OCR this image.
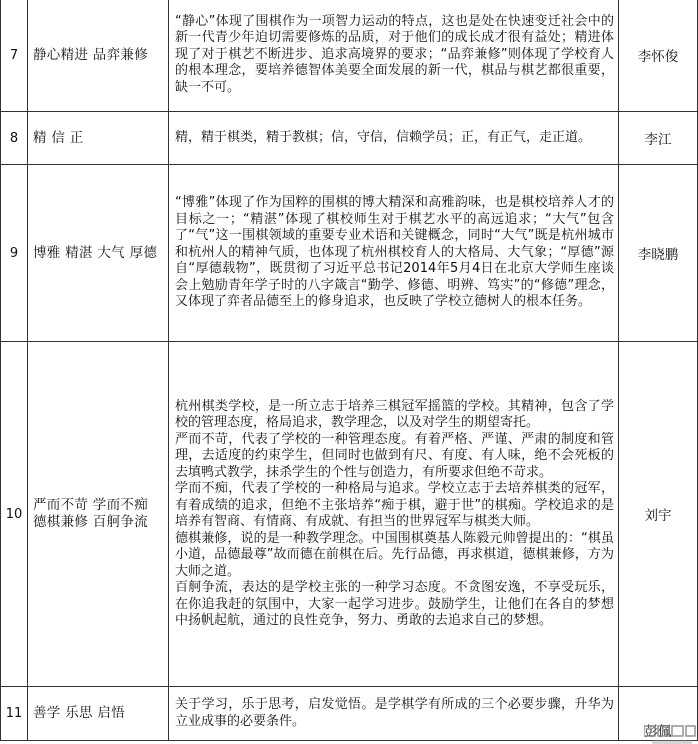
7	静心精进 品弈兼修	“静心”体现了围棋作为一项智力运动的特点，这也是处在快速变迁社会中的新一代青少年迫切需要修炼的品质，对于他们的成长成才很有益处；精进体现了对于棋艺不断进步、追求高境界的要求；“品弈兼修”则体现了学校育人的根本理念，要培养德智体美要全面发展的新一代，棋品与棋艺都很重要，缺一不可。	李怀俊
8	精 信 正	精，精于棋类，精于教棋；信，守信，信赖学员；正，有正气，走正道。	李江
9	博雅 精湛 大气 厚德	“博雅”体现了作为国粹的围棋的博大精深和高雅韵味，也是棋校培养人才的目标之一；“精湛”体现了棋校师生对于棋艺水平的高远追求；“大气”包含了“气”这一围棋领域的重要专业术语和关键概念，同时“大气”既是杭州城市和杭州人的精神气质，也体现了杭州棋校育人的大格局、大气象；“厚德”源自“厚德载物”，既贯彻了习近平总书记2014年5月4日在北京大学师生座谈会上勉励青年学子时的八字箴言“勤学、修德、明辨、笃实”的“修德”理念，又体现了弈者品德至上的修身追求，也反映了学校立德树人的根本任务。	李晓鹏
10	严而不苛 学而不痴 德棋兼修 百舸争流	杭州棋类学校，是一所立志于培养三棋冠军摇篮的学校。其精神，包含了学校的管理态度，格局追求，教学理念，以及对学生的期望寄托。

严而不苛，代表了学校的一种管理态度。有着严格、严谨、严肃的制度和管理，去适度的约束学生，但同时也做到有尺、有度、有人味，绝不会死板的去填鸭式教学，抹杀学生的个性与创造力，有所要求但绝不苛求。

学而不痴，代表了学校的一种格局与追求。学校立志于去培养棋类的冠军，有着成绩的追求，但绝不主张培养“痴于棋，避于世”的棋痴。学校追求的是培养有智商、有情商、有成就、有担当的世界冠军与棋类大师。

德棋兼修，说的是一种教学理念。中国围棋奠基人陈毅元帅曾提出的：“棋虽小道，品德最尊”故而德在前棋在后。先行品德，再求棋道，德棋兼修，方为大师之道。

百舸争流，表达的是学校主张的一种学习态度。不贪图安逸，不享受玩乐，在你追我赶的氛围中，大家一起学习进步。鼓励学生，让他们在各自的梦想中扬帆起航，通过的良性竞争，努力、勇敢的去追求自己的梦想。	刘宇
11	善学 乐思 启悟	关于学习，乐于思考，启发觉悟。是学棋学有所成的三个必要步骤，升华为立业成事的必要条件。	彭佩
